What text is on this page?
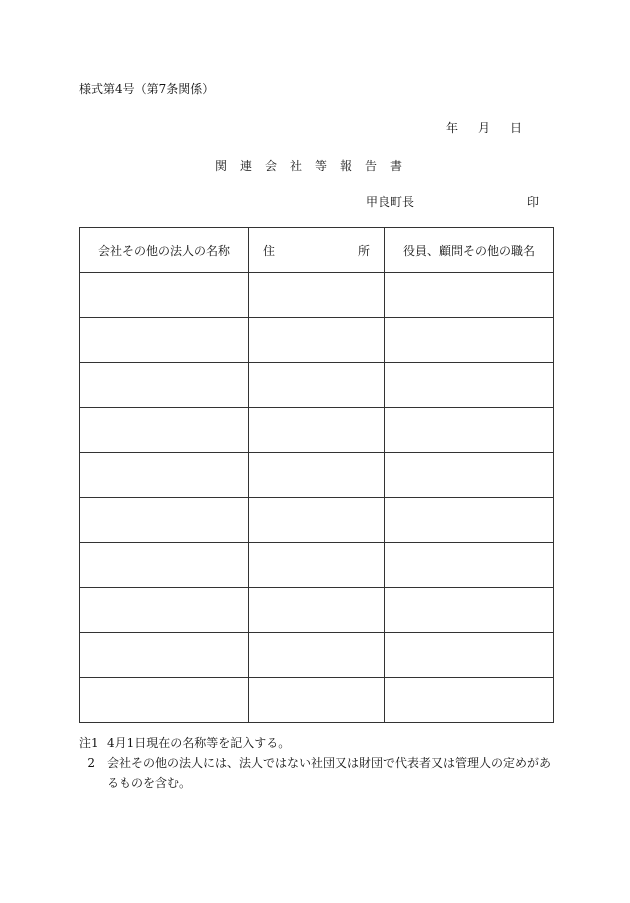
様式第4号（第7条関係）
年 月 日
関連会社等報告書
甲良町長	印
会社その他の法人の名称	住 所	役員、顧問その他の職名

注1 4月1日現在の名称等を記入する。
2 会社その他の法人には、法人ではない社団又は財団で代表者又は管理人の定めがあるものを含む。
